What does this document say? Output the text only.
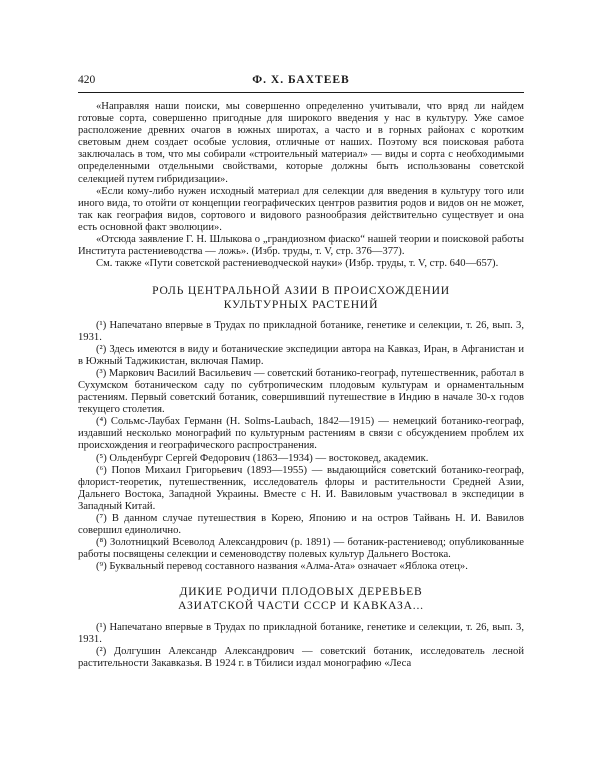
420	Ф. Х. БАХТЕЕВ

«Направляя наши поиски, мы совершенно определенно учитывали, что вряд ли найдем готовые сорта, совершенно пригодные для широкого введения у нас в культуру. Уже самое расположение древних очагов в южных широтах, а часто и в горных районах с коротким световым днем создает особые условия, отличные от наших. Поэтому вся поисковая работа заключалась в том, что мы собирали «строительный материал» — виды и сорта с необходимыми определенными отдельными свойствами, которые должны быть использованы советской селекцией путем гибридизации».

«Если кому-либо нужен исходный материал для селекции для введения в культуру того или иного вида, то отойти от концепции географических центров развития родов и видов он не может, так как география видов, сортового и видового разнообразия действительно существует и она есть основной факт эволюции».

«Отсюда заявление Г. Н. Шлыкова о „грандиозном фиаско“ нашей теории и поисковой работы Института растениеводства — ложь». (Избр. труды, т. V, стр. 376—377).

См. также «Пути советской растениеводческой науки» (Избр. труды, т. V, стр. 640—657).

РОЛЬ ЦЕНТРАЛЬНОЙ АЗИИ В ПРОИСХОЖДЕНИИ
КУЛЬТУРНЫХ РАСТЕНИЙ

(¹) Напечатано впервые в Трудах по прикладной ботанике, генетике и селекции, т. 26, вып. 3, 1931.

(²) Здесь имеются в виду и ботанические экспедиции автора на Кавказ, Иран, в Афганистан и в Южный Таджикистан, включая Памир.

(³) Маркович Василий Васильевич — советский ботанико-географ, путешественник, работал в Сухумском ботаническом саду по субтропическим плодовым культурам и орнаментальным растениям. Первый советский ботаник, совершивший путешествие в Индию в начале 30-х годов текущего столетия.

(⁴) Сольмс-Лаубах Германн (H. Solms-Laubach, 1842—1915) — немецкий ботанико-географ, издавший несколько монографий по культурным растениям в связи с обсуждением проблем их происхождения и географического распространения.

(⁵) Ольденбург Сергей Федорович (1863—1934) — востоковед, академик.

(⁶) Попов Михаил Григорьевич (1893—1955) — выдающийся советский ботанико-географ, флорист-теоретик, путешественник, исследователь флоры и растительности Средней Азии, Дальнего Востока, Западной Украины. Вместе с Н. И. Вавиловым участвовал в экспедиции в Западный Китай.

(⁷) В данном случае путешествия в Корею, Японию и на остров Тайвань Н. И. Вавилов совершил единолично.

(⁸) Золотницкий Всеволод Александрович (р. 1891) — ботаник-растениевод; опубликованные работы посвящены селекции и семеноводству полевых культур Дальнего Востока.

(⁹) Буквальный перевод составного названия «Алма-Ата» означает «Яблока отец».

ДИКИЕ РОДИЧИ ПЛОДОВЫХ ДЕРЕВЬЕВ
АЗИАТСКОЙ ЧАСТИ СССР И КАВКАЗА...

(¹) Напечатано впервые в Трудах по прикладной ботанике, генетике и селекции, т. 26, вып. 3, 1931.

(²) Долгушин Александр Александрович — советский ботаник, исследователь лесной растительности Закавказья. В 1924 г. в Тбилиси издал монографию «Леса
